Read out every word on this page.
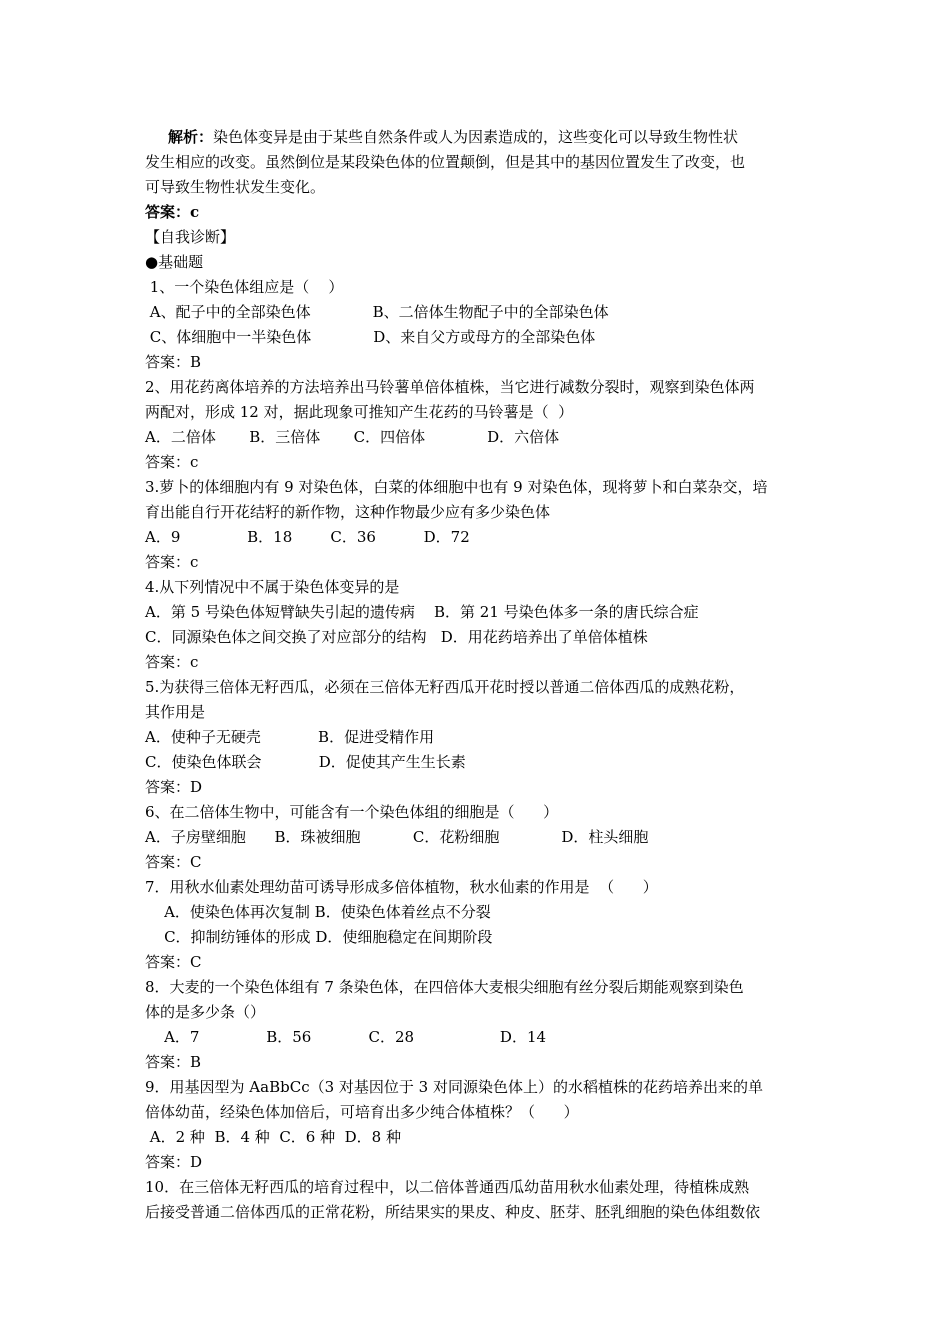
解析：染色体变异是由于某些自然条件或人为因素造成的，这些变化可以导致生物性状
发生相应的改变。虽然倒位是某段染色体的位置颠倒，但是其中的基因位置发生了改变，也
可导致生物性状发生变化。
答案：c
【自我诊断】
●基础题
1、一个染色体组应是（    ）
A、配子中的全部染色体             B、二倍体生物配子中的全部染色体
C、体细胞中一半染色体             D、来自父方或母方的全部染色体
答案：B
2、用花药离体培养的方法培养出马铃薯单倍体植株，当它进行减数分裂时，观察到染色体两
两配对，形成 12 对，据此现象可推知产生花药的马铃薯是（  ）
A．二倍体       B．三倍体       C．四倍体             D．六倍体
答案：c
3.萝卜的体细胞内有 9 对染色体，白菜的体细胞中也有 9 对染色体，现将萝卜和白菜杂交，培
育出能自行开花结籽的新作物，这种作物最少应有多少染色体
A．9              B．18        C．36          D．72
答案：c
4.从下列情况中不属于染色体变异的是
A．第 5 号染色体短臂缺失引起的遗传病    B．第 21 号染色体多一条的唐氏综合症
C．同源染色体之间交换了对应部分的结构   D．用花药培养出了单倍体植株
答案：c
5.为获得三倍体无籽西瓜，必须在三倍体无籽西瓜开花时授以普通二倍体西瓜的成熟花粉，
其作用是
A．使种子无硬壳            B．促进受精作用
C．使染色体联会            D．促使其产生生长素
答案：D
6、在二倍体生物中，可能含有一个染色体组的细胞是（      ）
A．子房壁细胞      B．珠被细胞           C．花粉细胞             D．柱头细胞
答案：C
7．用秋水仙素处理幼苗可诱导形成多倍体植物，秋水仙素的作用是  （      ）
A．使染色体再次复制 B．使染色体着丝点不分裂
C．抑制纺锤体的形成 D．使细胞稳定在间期阶段
答案：C
8．大麦的一个染色体组有 7 条染色体，在四倍体大麦根尖细胞有丝分裂后期能观察到染色
体的是多少条（）
A．7              B．56            C．28                  D．14
答案：B
9．用基因型为 AaBbCc（3 对基因位于 3 对同源染色体上）的水稻植株的花药培养出来的单
倍体幼苗，经染色体加倍后，可培育出多少纯合体植株？（      ）
A．2 种  B．4 种  C．6 种  D．8 种
答案：D
10．在三倍体无籽西瓜的培育过程中，以二倍体普通西瓜幼苗用秋水仙素处理，待植株成熟
后接受普通二倍体西瓜的正常花粉，所结果实的果皮、种皮、胚芽、胚乳细胞的染色体组数依
